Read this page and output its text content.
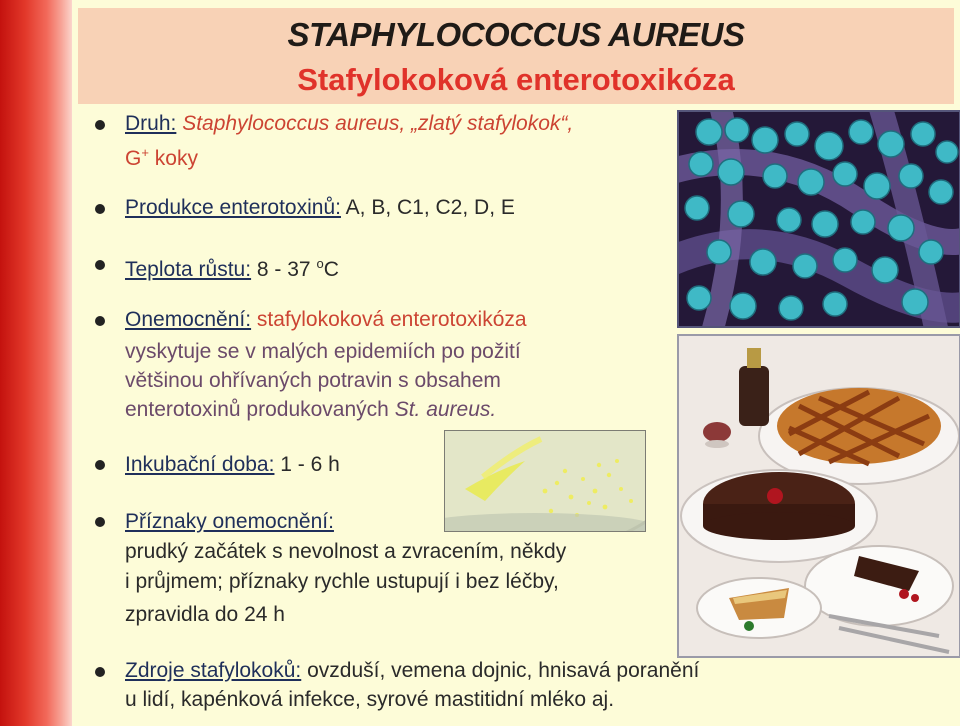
STAPHYLOCOCCUS AUREUS
Stafylokoková enterotoxikóza
Druh: Staphylococcus aureus, „zlatý stafylokok“,
G+ koky
Produkce enterotoxinů: A, B, C1, C2, D, E
Teplota růstu: 8 - 37 $^o$C
Onemocnění: stafylokoková enterotoxikóza
vyskytuje se v malých epidemiích po požití
většinou ohřívaných potravin s obsahem
enterotoxinů produkovaných St. aureus.
Inkubační doba: 1 - 6 h
Příznaky onemocnění:
prudký začátek s nevolnost a zvracením, někdy
i průjmem; příznaky rychle ustupují i bez léčby,
zpravidla do 24 h
Zdroje stafylokoků: ovzduší, vemena dojnic, hnisavá poranění
u lidí, kapénková infekce, syrové mastitidní mléko aj.
